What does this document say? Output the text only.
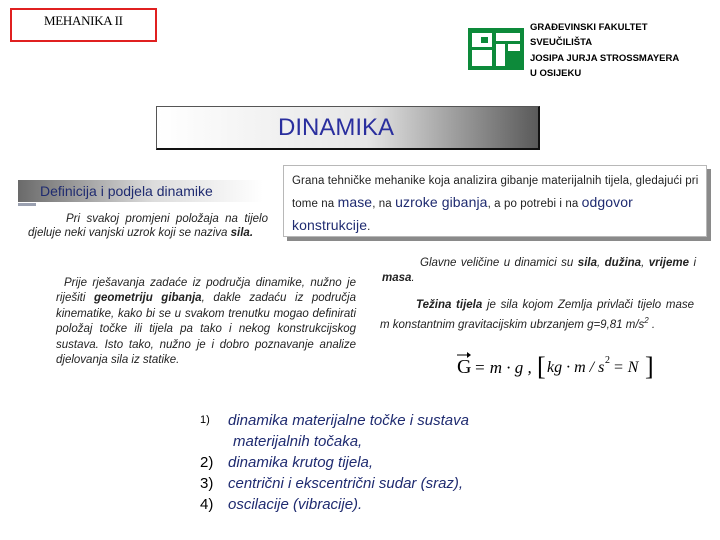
MEHANIKA II	GRAĐEVINSKI FAKULTET
SVEUČILIŠTA
JOSIPA JURJA STROSSMAYERA
U OSIJEKU
DINAMIKA
Definicija i podjela dinamike
Pri svakoj promjeni položaja na tijelo djeluje neki vanjski uzrok koji se naziva sila.
Grana tehničke mehanike koja analizira gibanje materijalnih tijela, gledajući pri tome na mase, na uzroke gibanja, a po potrebi i na odgovor konstrukcije.
Prije rješavanja zadaće iz područja dinamike, nužno je riješiti geometriju gibanja, dakle zadaću iz područja kinematike, kako bi se u svakom trenutku mogao definirati položaj točke ili tijela pa tako i nekog konstrukcijskog sustava. Isto tako, nužno je i dobro poznavanje analize djelovanja sila iz statike.
Glavne veličine u dinamici su sila, dužina, vrijeme i masa.
Težina tijela je sila kojom Zemlja privlači tijelo mase m konstantnim gravitacijskim ubrzanjem g=9,81 $m/s^2$ .
G = m · g , [ kg · m / s 2 = N ]
1)	dinamika materijalne točke i sustava
materijalnih točaka,
2) dinamika krutog tijela,
3) centrični i ekscentrični sudar (sraz),
4) oscilacije (vibracije).
